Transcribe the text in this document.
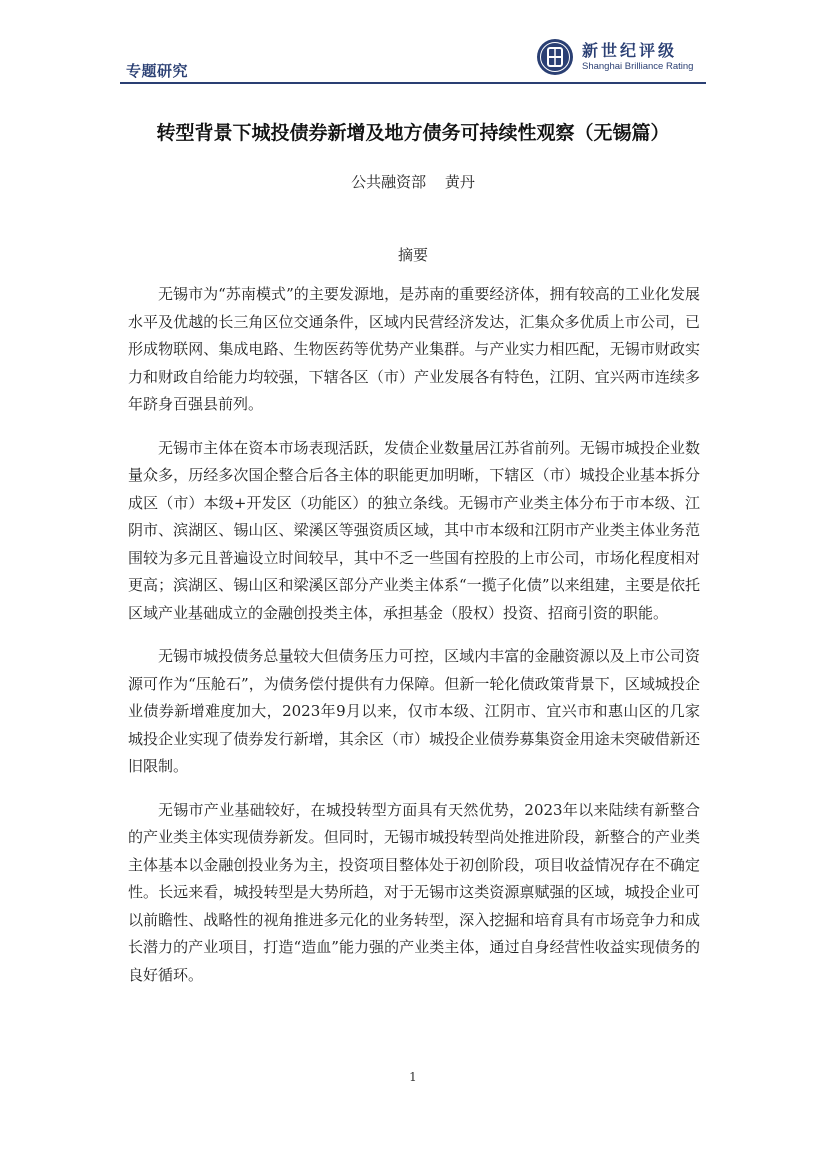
专题研究
新世纪评级
Shanghai Brilliance Rating
转型背景下城投债券新增及地方债务可持续性观察（无锡篇）
公共融资部 黄丹
摘要

无锡市为“苏南模式”的主要发源地，是苏南的重要经济体，拥有较高的工业化发展水平及优越的长三角区位交通条件，区域内民营经济发达，汇集众多优质上市公司，已形成物联网、集成电路、生物医药等优势产业集群。与产业实力相匹配，无锡市财政实力和财政自给能力均较强，下辖各区（市）产业发展各有特色，江阴、宜兴两市连续多年跻身百强县前列。

无锡市主体在资本市场表现活跃，发债企业数量居江苏省前列。无锡市城投企业数量众多，历经多次国企整合后各主体的职能更加明晰，下辖区（市）城投企业基本拆分成区（市）本级+开发区（功能区）的独立条线。无锡市产业类主体分布于市本级、江阴市、滨湖区、锡山区、梁溪区等强资质区域，其中市本级和江阴市产业类主体业务范围较为多元且普遍设立时间较早，其中不乏一些国有控股的上市公司，市场化程度相对更高；滨湖区、锡山区和梁溪区部分产业类主体系“一揽子化债”以来组建，主要是依托区域产业基础成立的金融创投类主体，承担基金（股权）投资、招商引资的职能。

无锡市城投债务总量较大但债务压力可控，区域内丰富的金融资源以及上市公司资源可作为“压舱石”，为债务偿付提供有力保障。但新一轮化债政策背景下，区域城投企业债券新增难度加大，2023年9月以来，仅市本级、江阴市、宜兴市和惠山区的几家城投企业实现了债券发行新增，其余区（市）城投企业债券募集资金用途未突破借新还旧限制。

无锡市产业基础较好，在城投转型方面具有天然优势，2023年以来陆续有新整合的产业类主体实现债券新发。但同时，无锡市城投转型尚处推进阶段，新整合的产业类主体基本以金融创投业务为主，投资项目整体处于初创阶段，项目收益情况存在不确定性。长远来看，城投转型是大势所趋，对于无锡市这类资源禀赋强的区域，城投企业可以前瞻性、战略性的视角推进多元化的业务转型，深入挖掘和培育具有市场竞争力和成长潜力的产业项目，打造“造血”能力强的产业类主体，通过自身经营性收益实现债务的良好循环。

1
